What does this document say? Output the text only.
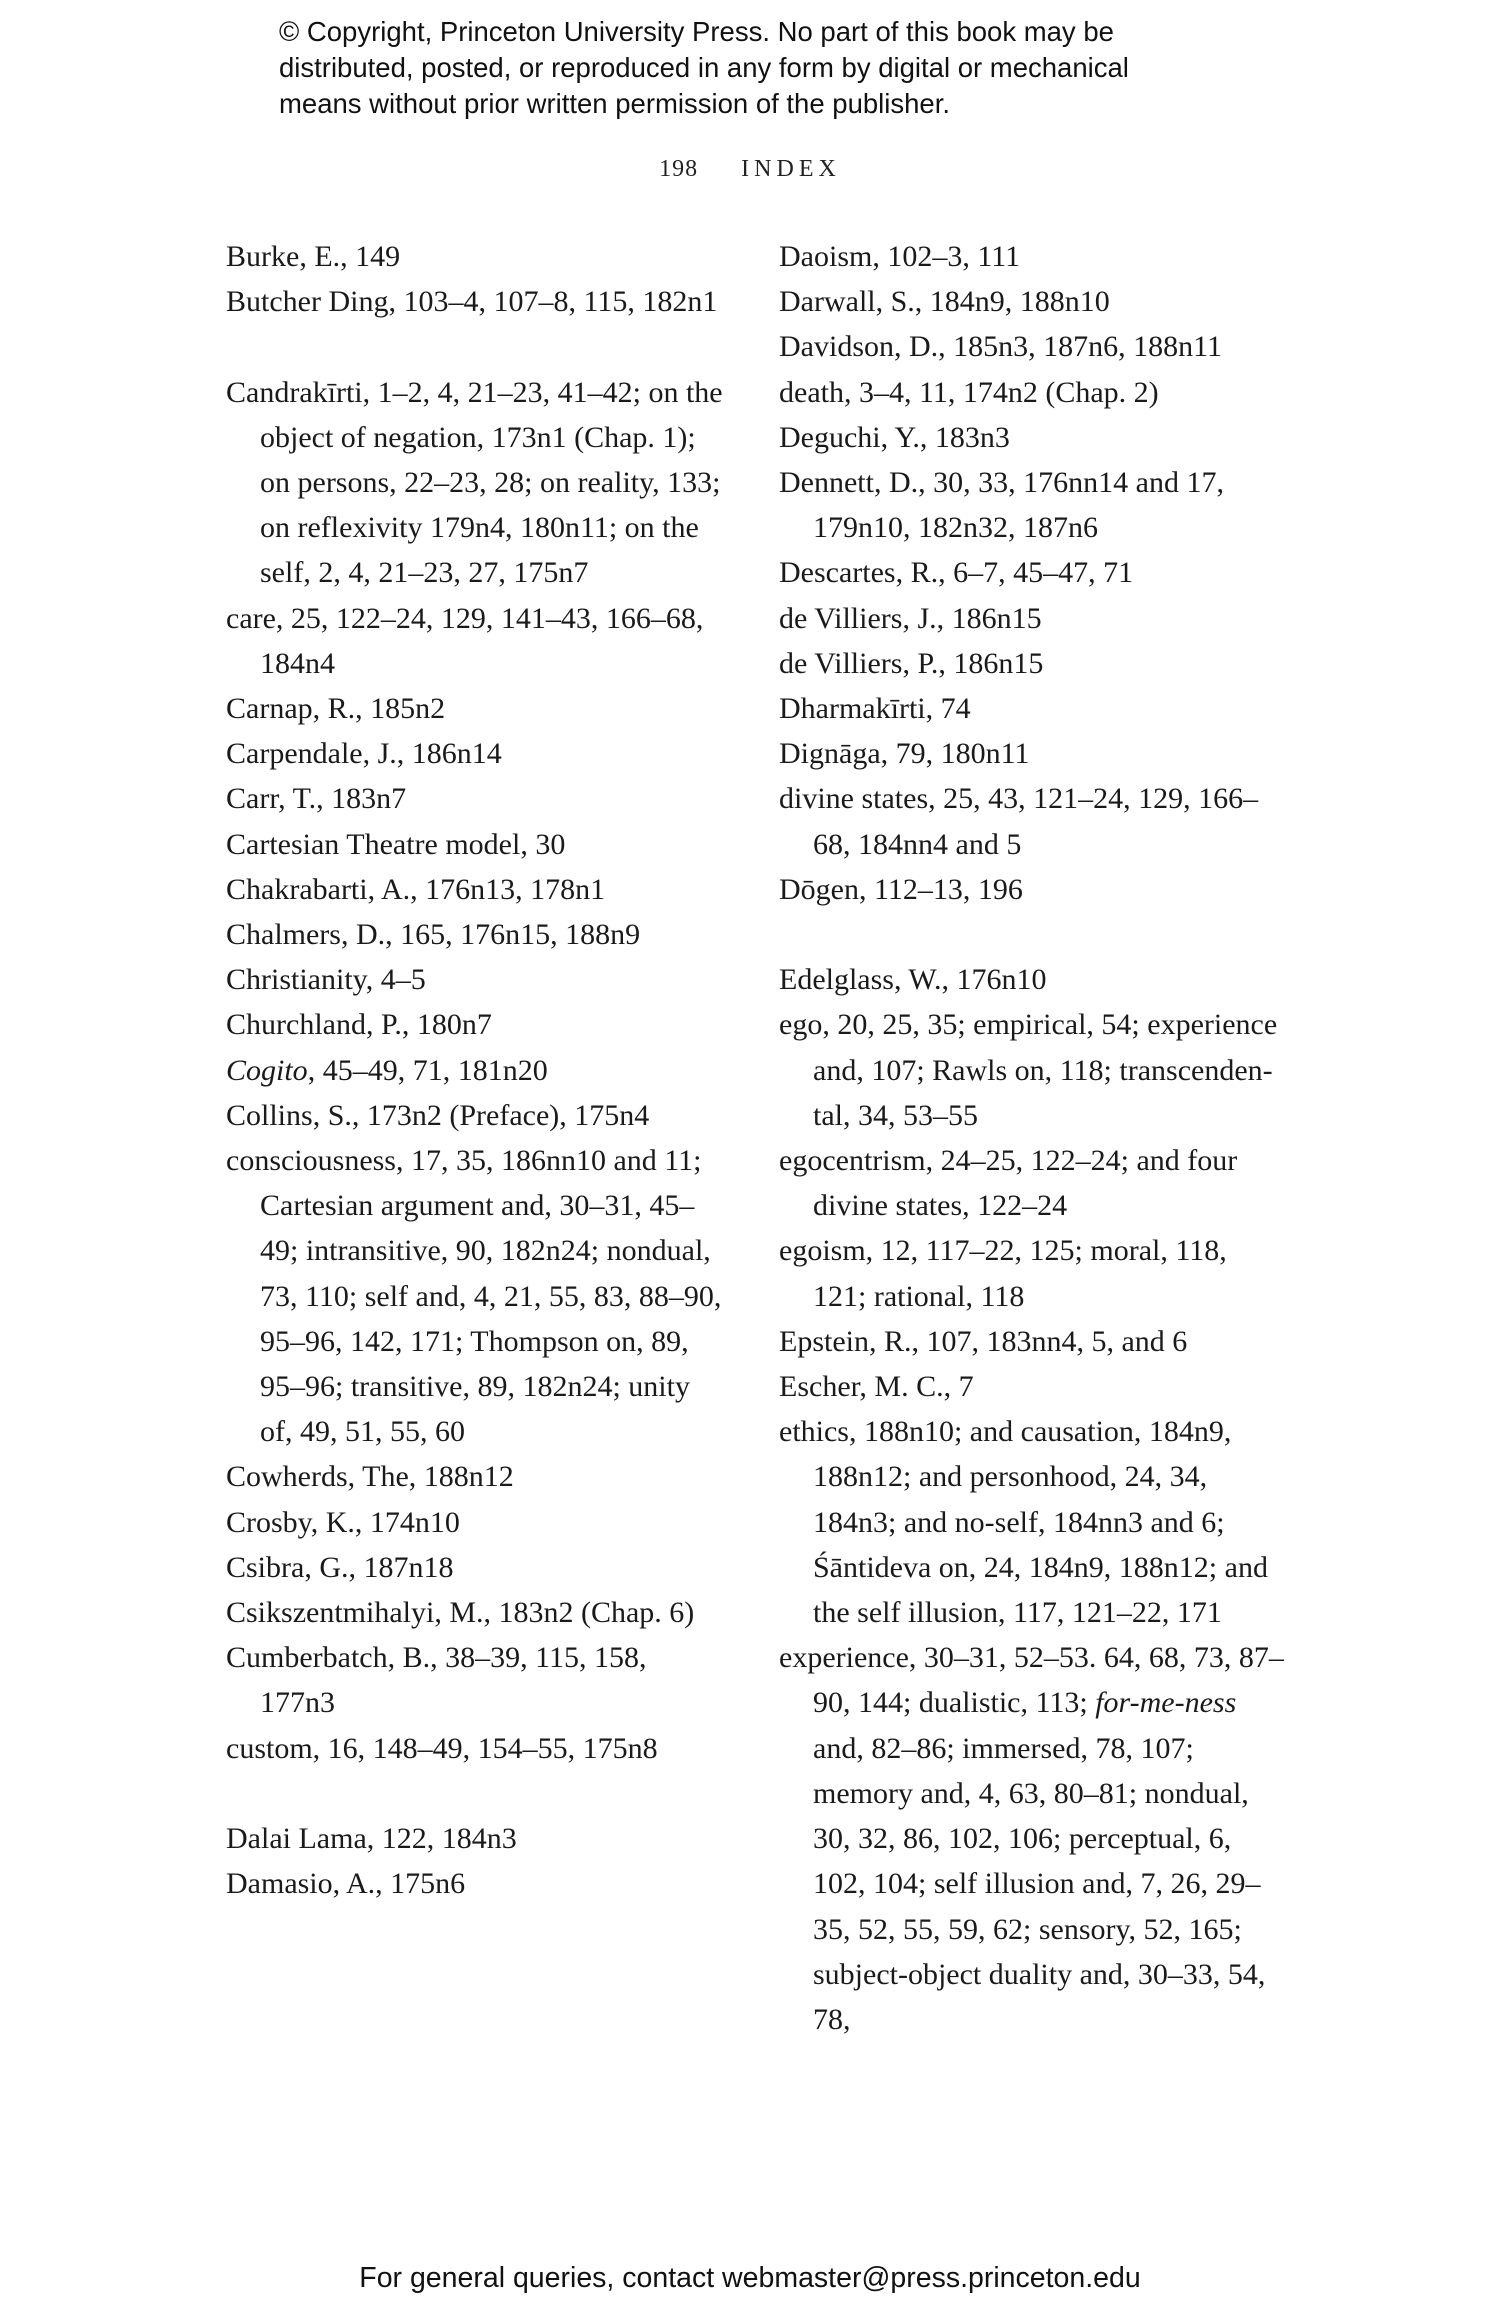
© Copyright, Princeton University Press. No part of this book may be
distributed, posted, or reproduced in any form by digital or mechanical
means without prior written permission of the publisher.
198 INDEX
Burke, E., 149
Butcher Ding, 103–4, 107–8, 115, 182n1
Candrakīrti, 1–2, 4, 21–23, 41–42; on the object of negation, 173n1 (Chap. 1); on persons, 22–23, 28; on reality, 133; on reflexivity 179n4, 180n11; on the self, 2, 4, 21–23, 27, 175n7
care, 25, 122–24, 129, 141–43, 166–68, 184n4
Carnap, R., 185n2
Carpendale, J., 186n14
Carr, T., 183n7
Cartesian Theatre model, 30
Chakrabarti, A., 176n13, 178n1
Chalmers, D., 165, 176n15, 188n9
Christianity, 4–5
Churchland, P., 180n7
Cogito, 45–49, 71, 181n20
Collins, S., 173n2 (Preface), 175n4
consciousness, 17, 35, 186nn10 and 11; Cartesian argument and, 30–31, 45–49; intransitive, 90, 182n24; nondual, 73, 110; self and, 4, 21, 55, 83, 88–90, 95–96, 142, 171; Thompson on, 89, 95–96; transitive, 89, 182n24; unity of, 49, 51, 55, 60
Cowherds, The, 188n12
Crosby, K., 174n10
Csibra, G., 187n18
Csikszentmihalyi, M., 183n2 (Chap. 6)
Cumberbatch, B., 38–39, 115, 158, 177n3
custom, 16, 148–49, 154–55, 175n8
Dalai Lama, 122, 184n3
Damasio, A., 175n6
Daoism, 102–3, 111
Darwall, S., 184n9, 188n10
Davidson, D., 185n3, 187n6, 188n11
death, 3–4, 11, 174n2 (Chap. 2)
Deguchi, Y., 183n3
Dennett, D., 30, 33, 176nn14 and 17, 179n10, 182n32, 187n6
Descartes, R., 6–7, 45–47, 71
de Villiers, J., 186n15
de Villiers, P., 186n15
Dharmakīrti, 74
Dignāga, 79, 180n11
divine states, 25, 43, 121–24, 129, 166–68, 184nn4 and 5
Dōgen, 112–13, 196
Edelglass, W., 176n10
ego, 20, 25, 35; empirical, 54; experience and, 107; Rawls on, 118; transcenden-tal, 34, 53–55
egocentrism, 24–25, 122–24; and four divine states, 122–24
egoism, 12, 117–22, 125; moral, 118, 121; rational, 118
Epstein, R., 107, 183nn4, 5, and 6
Escher, M. C., 7
ethics, 188n10; and causation, 184n9, 188n12; and personhood, 24, 34, 184n3; and no-self, 184nn3 and 6; Śāntideva on, 24, 184n9, 188n12; and the self illusion, 117, 121–22, 171
experience, 30–31, 52–53. 64, 68, 73, 87–90, 144; dualistic, 113; for-me-ness and, 82–86; immersed, 78, 107; memory and, 4, 63, 80–81; nondual, 30, 32, 86, 102, 106; perceptual, 6, 102, 104; self illusion and, 7, 26, 29–35, 52, 55, 59, 62; sensory, 52, 165; subject-object duality and, 30–33, 54, 78,
For general queries, contact webmaster@press.princeton.edu
